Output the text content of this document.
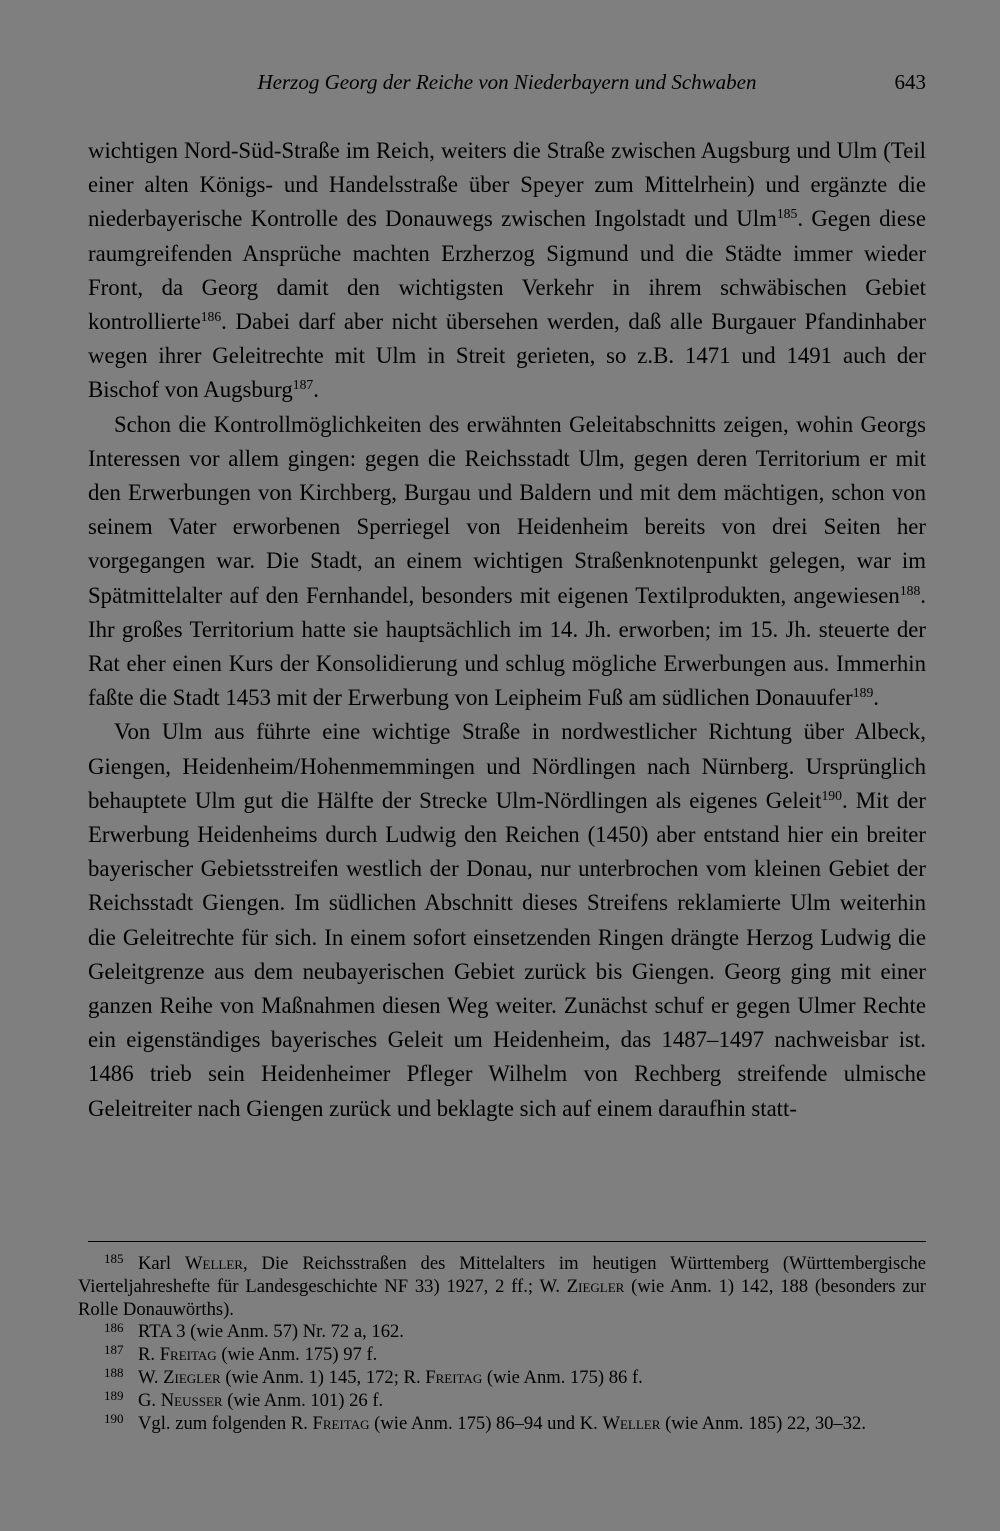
Herzog Georg der Reiche von Niederbayern und Schwaben	643

wichtigen Nord-Süd-Straße im Reich, weiters die Straße zwischen Augsburg und Ulm (Teil einer alten Königs- und Handelsstraße über Speyer zum Mittelrhein) und ergänzte die niederbayerische Kontrolle des Donauwegs zwischen Ingolstadt und Ulm$^{185}$. Gegen diese raumgreifenden Ansprüche machten Erzherzog Sigmund und die Städte immer wieder Front, da Georg damit den wichtigsten Verkehr in ihrem schwäbischen Gebiet kontrollierte$^{186}$. Dabei darf aber nicht übersehen werden, daß alle Burgauer Pfandinhaber wegen ihrer Geleitrechte mit Ulm in Streit gerieten, so z.B. 1471 und 1491 auch der Bischof von Augsburg$^{187}$.

Schon die Kontrollmöglichkeiten des erwähnten Geleitabschnitts zeigen, wohin Georgs Interessen vor allem gingen: gegen die Reichsstadt Ulm, gegen deren Territorium er mit den Erwerbungen von Kirchberg, Burgau und Baldern und mit dem mächtigen, schon von seinem Vater erworbenen Sperriegel von Heidenheim bereits von drei Seiten her vorgegangen war. Die Stadt, an einem wichtigen Straßenknotenpunkt gelegen, war im Spätmittelalter auf den Fernhandel, besonders mit eigenen Textilprodukten, angewiesen$^{188}$. Ihr großes Territorium hatte sie hauptsächlich im 14. Jh. erworben; im 15. Jh. steuerte der Rat eher einen Kurs der Konsolidierung und schlug mögliche Erwerbungen aus. Immerhin faßte die Stadt 1453 mit der Erwerbung von Leipheim Fuß am südlichen Donauufer$^{189}$.

Von Ulm aus führte eine wichtige Straße in nordwestlicher Richtung über Albeck, Giengen, Heidenheim/Hohenmemmingen und Nördlingen nach Nürnberg. Ursprünglich behauptete Ulm gut die Hälfte der Strecke Ulm-Nördlingen als eigenes Geleit$^{190}$. Mit der Erwerbung Heidenheims durch Ludwig den Reichen (1450) aber entstand hier ein breiter bayerischer Gebietsstreifen westlich der Donau, nur unterbrochen vom kleinen Gebiet der Reichsstadt Giengen. Im südlichen Abschnitt dieses Streifens reklamierte Ulm weiterhin die Geleitrechte für sich. In einem sofort einsetzenden Ringen drängte Herzog Ludwig die Geleitgrenze aus dem neubayerischen Gebiet zurück bis Giengen. Georg ging mit einer ganzen Reihe von Maßnahmen diesen Weg weiter. Zunächst schuf er gegen Ulmer Rechte ein eigenständiges bayerisches Geleit um Heidenheim, das 1487–1497 nachweisbar ist. 1486 trieb sein Heidenheimer Pfleger Wilhelm von Rechberg streifende ulmische Geleitreiter nach Giengen zurück und beklagte sich auf einem daraufhin statt-

185 Karl Weller, Die Reichsstraßen des Mittelalters im heutigen Württemberg (Württembergische Vierteljahreshefte für Landesgeschichte NF 33) 1927, 2 ff.; W. Ziegler (wie Anm. 1) 142, 188 (besonders zur Rolle Donauwörths).

186 RTA 3 (wie Anm. 57) Nr. 72 a, 162.

187 R. Freitag (wie Anm. 175) 97 f.

188 W. Ziegler (wie Anm. 1) 145, 172; R. Freitag (wie Anm. 175) 86 f.

189 G. Neusser (wie Anm. 101) 26 f.

190 Vgl. zum folgenden R. Freitag (wie Anm. 175) 86–94 und K. Weller (wie Anm. 185) 22, 30–32.
